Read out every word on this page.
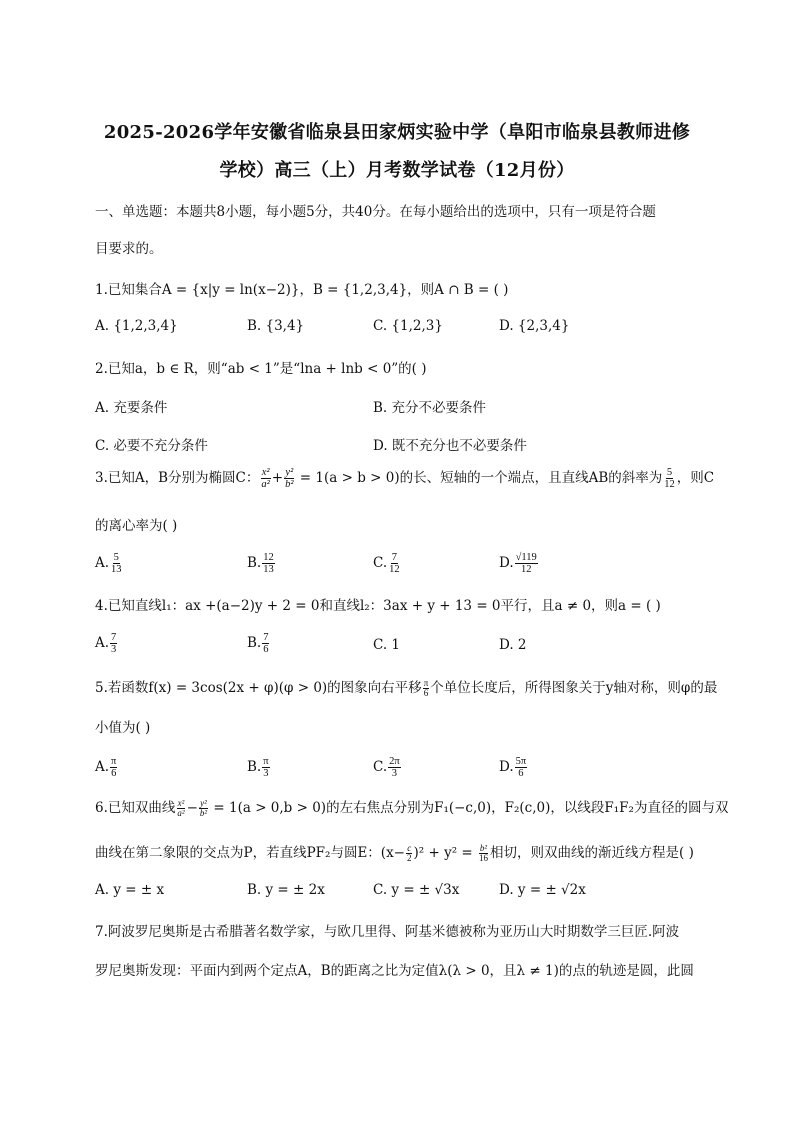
2025-2026学年安徽省临泉县田家炳实验中学（阜阳市临泉县教师进修
学校）高三（上）月考数学试卷（12月份）
一、单选题：本题共8小题，每小题5分，共40分。在每小题给出的选项中，只有一项是符合题
目要求的。
1.已知集合A = {x|y = ln(x−2)}，B = {1,2,3,4}，则A ∩ B = ( )
A. {1,2,3,4}	B. {3,4}	C. {1,2,3}	D. {2,3,4}
2.已知a，b ∈ R，则“ab < 1”是“lna + lnb < 0”的( )
A. 充要条件	B. 充分不必要条件
C. 必要不充分条件	D. 既不充分也不必要条件
3.已知A，B分别为椭圆C： $\frac{\text{x²}}{\text{a²}} + \frac{\text{y²}}{\text{b²}} = 1(a > b > 0)$的长、短轴的一个端点，且直线AB的斜率为 $\frac{5}{12}$ ，则C
的离心率为( )
A. $\frac{5}{13}$	B. $\frac{12}{13}$	C. $\frac{7}{12}$	D. $\frac{√119}{12}$
4.已知直线l₁：ax +(a−2)y + 2 = 0和直线l₂：3ax + y + 13 = 0平行，且a ≠ 0，则a = ( )
A. $\frac{7}{3}$	B. $\frac{7}{6}$	C. 1	D. 2
5.若函数f(x) = 3cos(2x + φ)(φ > 0)的图象向右平移 $\frac{\pi}{6}$ 个单位长度后，所得图象关于y轴对称，则φ的最
小值为( )
A. $\frac{\pi}{6}$	B. $\frac{\pi}{3}$	C. $\frac{2\pi}{3}$	D. $\frac{5\pi}{6}$
6.已知双曲线 $\frac{\text{x²}}{\text{a²}} - \frac{\text{y²}}{\text{b²}} = 1(a > 0,b > 0)$的左右焦点分别为F₁(−c,0)，F₂(c,0)，以线段F₁F₂为直径的圆与双
曲线在第二象限的交点为P，若直线PF₂与圆E：$(x- \frac{c}{2} )^2 + y^2 = \frac{\text{b²}}{16}$ 相切，则双曲线的渐近线方程是( )
A. y = ± x	B. y = ± 2x	C. y = ± √3x	D. y = ± √2x
7.阿波罗尼奥斯是古希腊著名数学家，与欧几里得、阿基米德被称为亚历山大时期数学三巨匠.阿波
罗尼奥斯发现：平面内到两个定点A，B的距离之比为定值λ(λ > 0，且λ ≠ 1)的点的轨迹是圆，此圆
